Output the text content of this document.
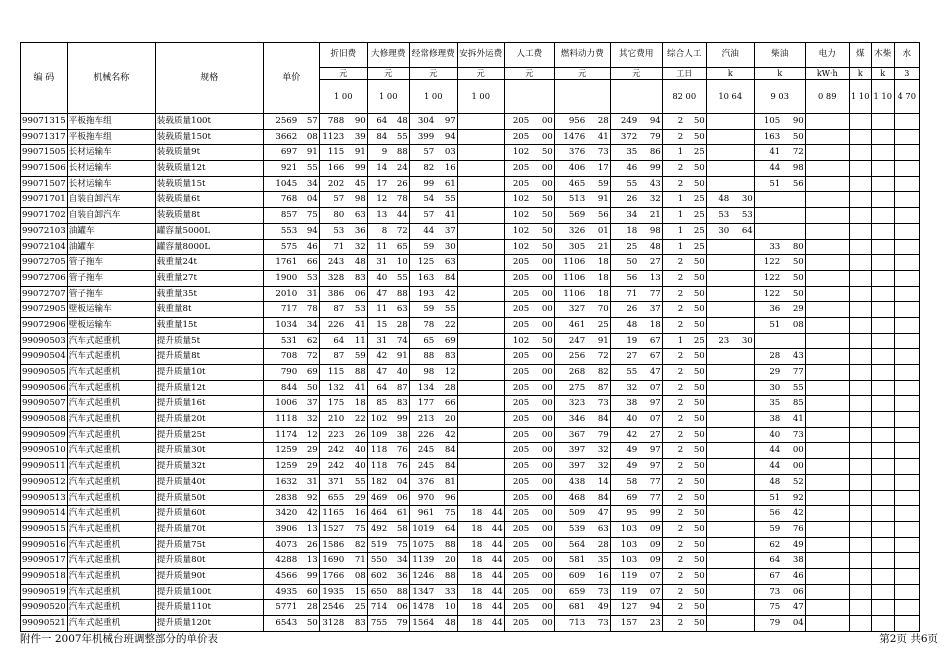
编 码	机械名称	规格	单价		折旧费		大修理费		经常修理费		安拆外运费		人工费		燃料动力费		其它费用		综合人工		汽油		柴油		电力	煤	木柴	水
					元		元		元		元		元		元		元		工日		k		k		kW·h	k	k	3
					1 00		1 00		1 00		1 00								82 00		10 64		9 03		0 89	1 10	1 10	4 70
99071315	平板拖车组	装载质量100t	2569	57	788	90	64	48	304	97			205	00	956	28	249	94	2	50			105	90				
99071317	平板拖车组	装载质量150t	3662	08	1123	39	84	55	399	94			205	00	1476	41	372	79	2	50			163	50				
99071505	长材运输车	装载质量9t	697	91	115	91	9	88	57	03			102	50	376	73	35	86	1	25			41	72				
99071506	长材运输车	装载质量12t	921	55	166	99	14	24	82	16			205	00	406	17	46	99	2	50			44	98				
99071507	长材运输车	装载质量15t	1045	34	202	45	17	26	99	61			205	00	465	59	55	43	2	50			51	56				
99071701	自装自卸汽车	装载质量6t	768	04	57	98	12	78	54	55			102	50	513	91	26	32	1	25	48	30						
99071702	自装自卸汽车	装载质量8t	857	75	80	63	13	44	57	41			102	50	569	56	34	21	1	25	53	53						
99072103	油罐车	罐容量5000L	553	94	53	36	8	72	44	37			102	50	326	01	18	98	1	25	30	64						
99072104	油罐车	罐容量8000L	575	46	71	32	11	65	59	30			102	50	305	21	25	48	1	25			33	80				
99072705	管子拖车	载重量24t	1761	66	243	48	31	10	125	63			205	00	1106	18	50	27	2	50			122	50				
99072706	管子拖车	载重量27t	1900	53	328	83	40	55	163	84			205	00	1106	18	56	13	2	50			122	50				
99072707	管子拖车	载重量35t	2010	31	386	06	47	88	193	42			205	00	1106	18	71	77	2	50			122	50				
99072905	壁板运输车	载重量8t	717	78	87	53	11	63	59	55			205	00	327	70	26	37	2	50			36	29				
99072906	壁板运输车	载重量15t	1034	34	226	41	15	28	78	22			205	00	461	25	48	18	2	50			51	08				
99090503	汽车式起重机	提升质量5t	531	62	64	11	31	74	65	69			102	50	247	91	19	67	1	25	23	30						
99090504	汽车式起重机	提升质量8t	708	72	87	59	42	91	88	83			205	00	256	72	27	67	2	50			28	43				
99090505	汽车式起重机	提升质量10t	790	69	115	88	47	40	98	12			205	00	268	82	55	47	2	50			29	77				
99090506	汽车式起重机	提升质量12t	844	50	132	41	64	87	134	28			205	00	275	87	32	07	2	50			30	55				
99090507	汽车式起重机	提升质量16t	1006	37	175	18	85	83	177	66			205	00	323	73	38	97	2	50			35	85				
99090508	汽车式起重机	提升质量20t	1118	32	210	22	102	99	213	20			205	00	346	84	40	07	2	50			38	41				
99090509	汽车式起重机	提升质量25t	1174	12	223	26	109	38	226	42			205	00	367	79	42	27	2	50			40	73				
99090510	汽车式起重机	提升质量30t	1259	29	242	40	118	76	245	84			205	00	397	32	49	97	2	50			44	00				
99090511	汽车式起重机	提升质量32t	1259	29	242	40	118	76	245	84			205	00	397	32	49	97	2	50			44	00				
99090512	汽车式起重机	提升质量40t	1632	31	371	55	182	04	376	81			205	00	438	14	58	77	2	50			48	52				
99090513	汽车式起重机	提升质量50t	2838	92	655	29	469	06	970	96			205	00	468	84	69	77	2	50			51	92				
99090514	汽车式起重机	提升质量60t	3420	42	1165	16	464	61	961	75	18	44	205	00	509	47	95	99	2	50			56	42				
99090515	汽车式起重机	提升质量70t	3906	13	1527	75	492	58	1019	64	18	44	205	00	539	63	103	09	2	50			59	76				
99090516	汽车式起重机	提升质量75t	4073	26	1586	82	519	75	1075	88	18	44	205	00	564	28	103	09	2	50			62	49				
99090517	汽车式起重机	提升质量80t	4288	13	1690	71	550	34	1139	20	18	44	205	00	581	35	103	09	2	50			64	38				
99090518	汽车式起重机	提升质量90t	4566	99	1766	08	602	36	1246	88	18	44	205	00	609	16	119	07	2	50			67	46				
99090519	汽车式起重机	提升质量100t	4935	60	1935	15	650	88	1347	33	18	44	205	00	659	73	119	07	2	50			73	06				
99090520	汽车式起重机	提升质量110t	5771	28	2546	25	714	06	1478	10	18	44	205	00	681	49	127	94	2	50			75	47				
99090521	汽车式起重机	提升质量120t	6543	50	3128	83	755	79	1564	48	18	44	205	00	713	73	157	23	2	50			79	04				
附件一 2007年机械台班调整部分的单价表	第2页 共6页
